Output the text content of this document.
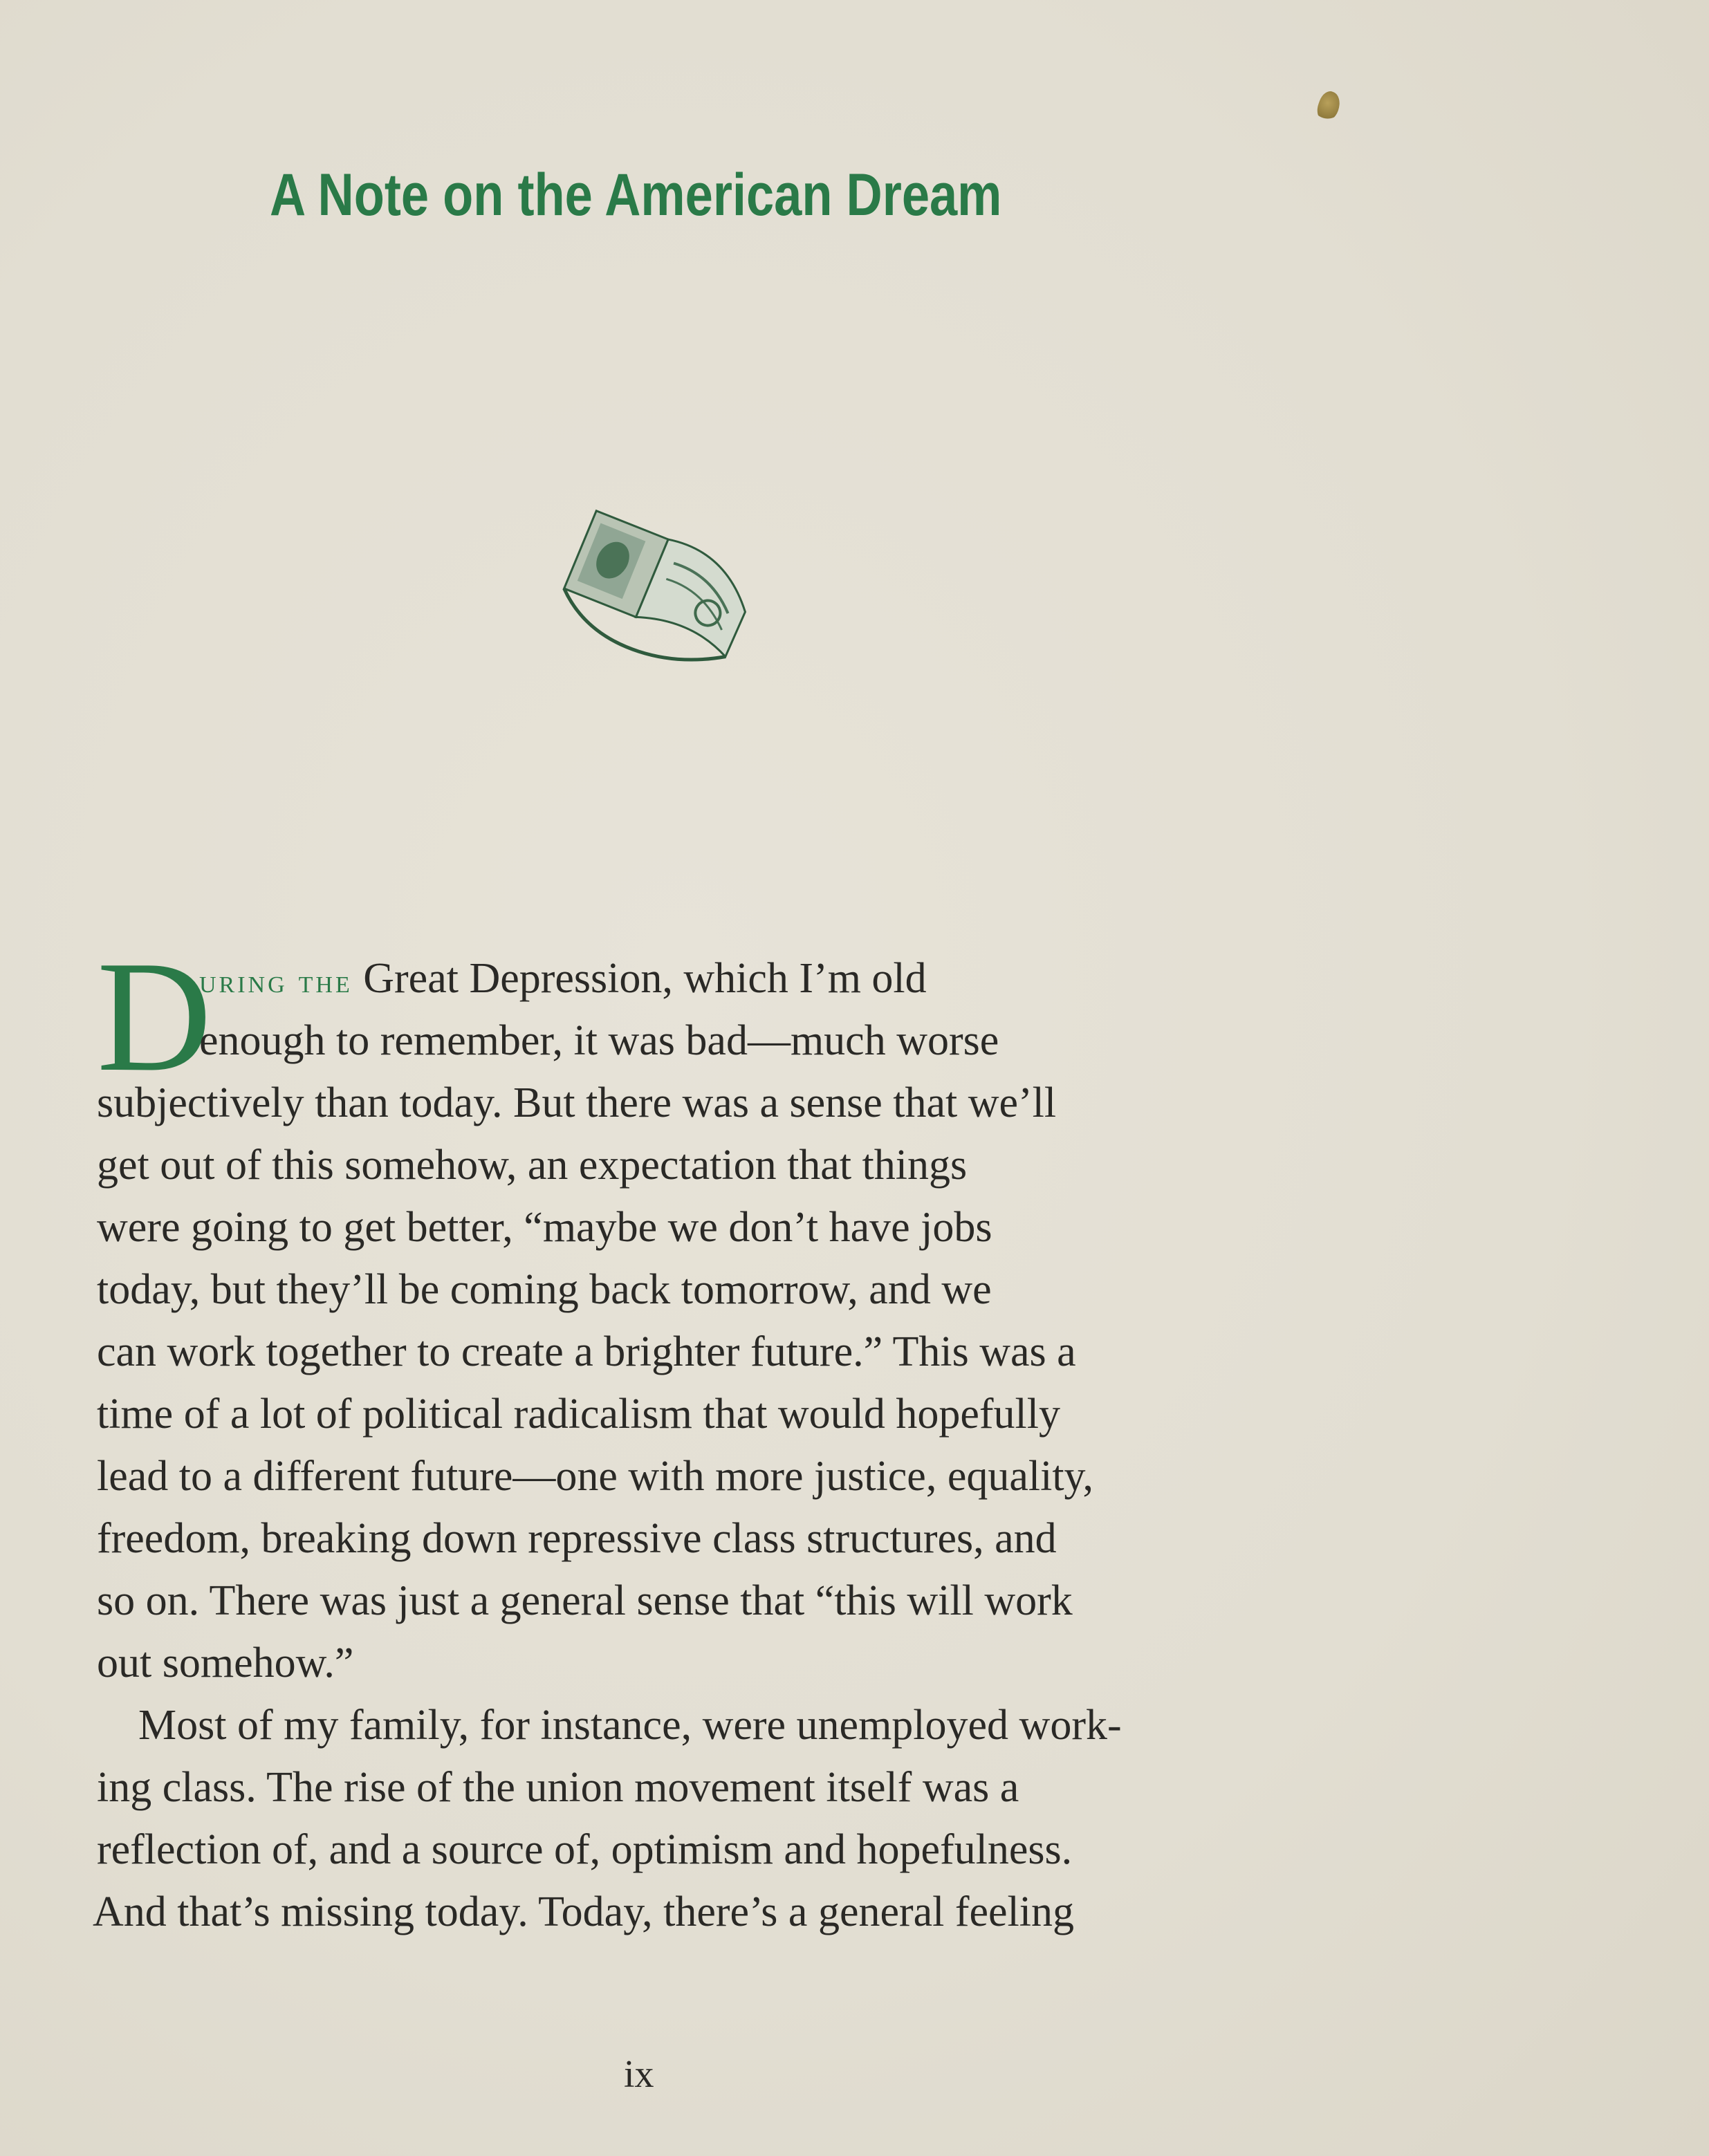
A Note on the American Dream
D
uring the Great Depression, which I’m old
enough to remember, it was bad—much worse
subjectively than today. But there was a sense that we’ll
get out of this somehow, an expectation that things
were going to get better, “maybe we don’t have jobs
today, but they’ll be coming back tomorrow, and we
can work together to create a brighter future.” This was a
time of a lot of political radicalism that would hopefully
lead to a different future—one with more justice, equality,
freedom, breaking down repressive class structures, and
so on. There was just a general sense that “this will work
out somehow.”
Most of my family, for instance, were unemployed work-
ing class. The rise of the union movement itself was a
reflection of, and a source of, optimism and hopefulness.
And that’s missing today. Today, there’s a general feeling
ix
